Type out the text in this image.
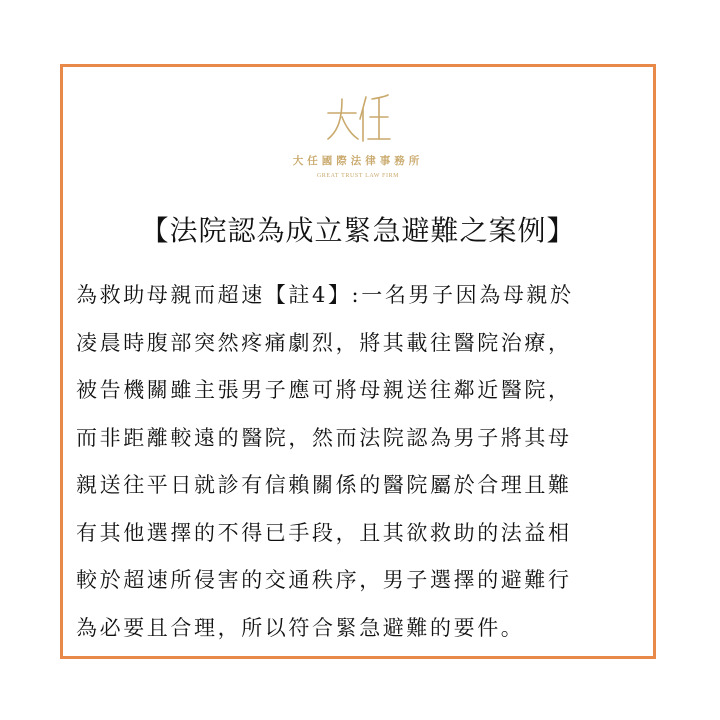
大任國際法律事務所
GREAT TRUST LAW FIRM
【法院認為成立緊急避難之案例】
為救助母親而超速【註4】:一名男子因為母親於
凌晨時腹部突然疼痛劇烈，將其載往醫院治療，
被告機關雖主張男子應可將母親送往鄰近醫院，
而非距離較遠的醫院，然而法院認為男子將其母
親送往平日就診有信賴關係的醫院屬於合理且難
有其他選擇的不得已手段，且其欲救助的法益相
較於超速所侵害的交通秩序，男子選擇的避難行
為必要且合理，所以符合緊急避難的要件。
